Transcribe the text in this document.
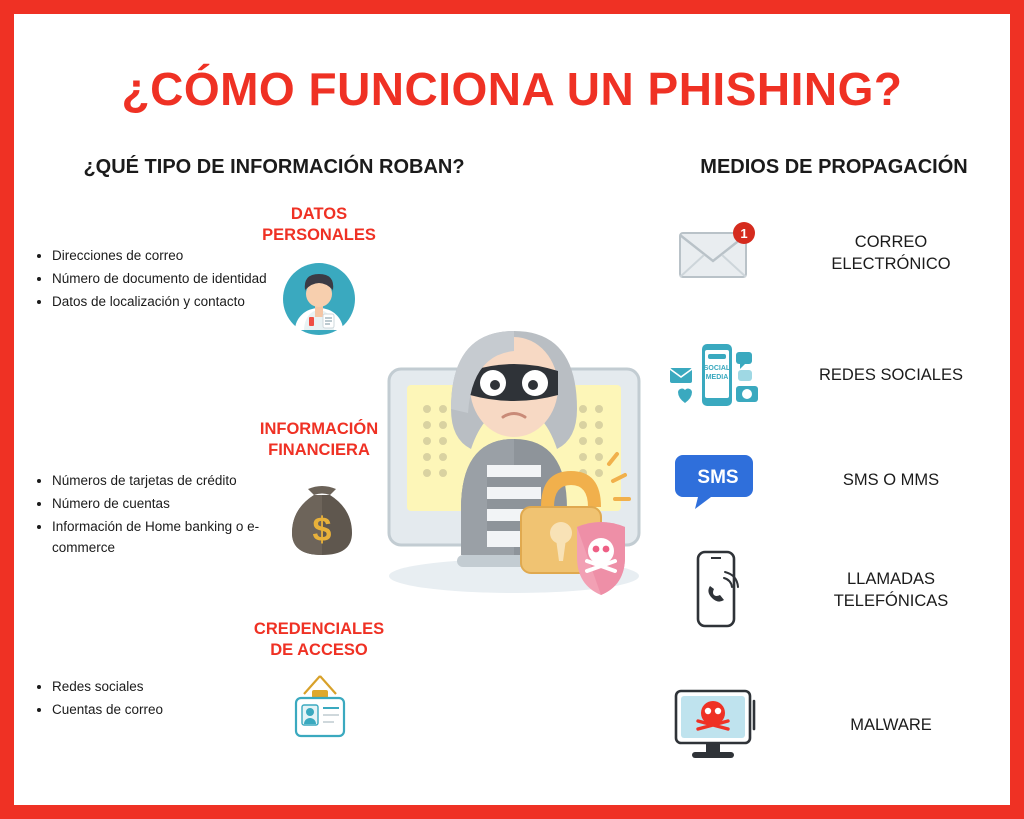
¿CÓMO FUNCIONA UN PHISHING?
¿QUÉ TIPO DE INFORMACIÓN ROBAN?	MEDIOS DE PROPAGACIÓN
DATOS
PERSONALES
• Direcciones de correo
• Número de documento de identidad
• Datos de localización y contacto
INFORMACIÓN
FINANCIERA
• Números de tarjetas de crédito
• Número de cuentas
• Información de Home banking o e-commerce	$
CREDENCIALES
DE ACCESO
• Redes sociales
• Cuentas de correo
1	CORREO
ELECTRÓNICO
SOCIAL
MEDIA	REDES SOCIALES
SMS	SMS O MMS
LLAMADAS
TELEFÓNICAS
MALWARE
